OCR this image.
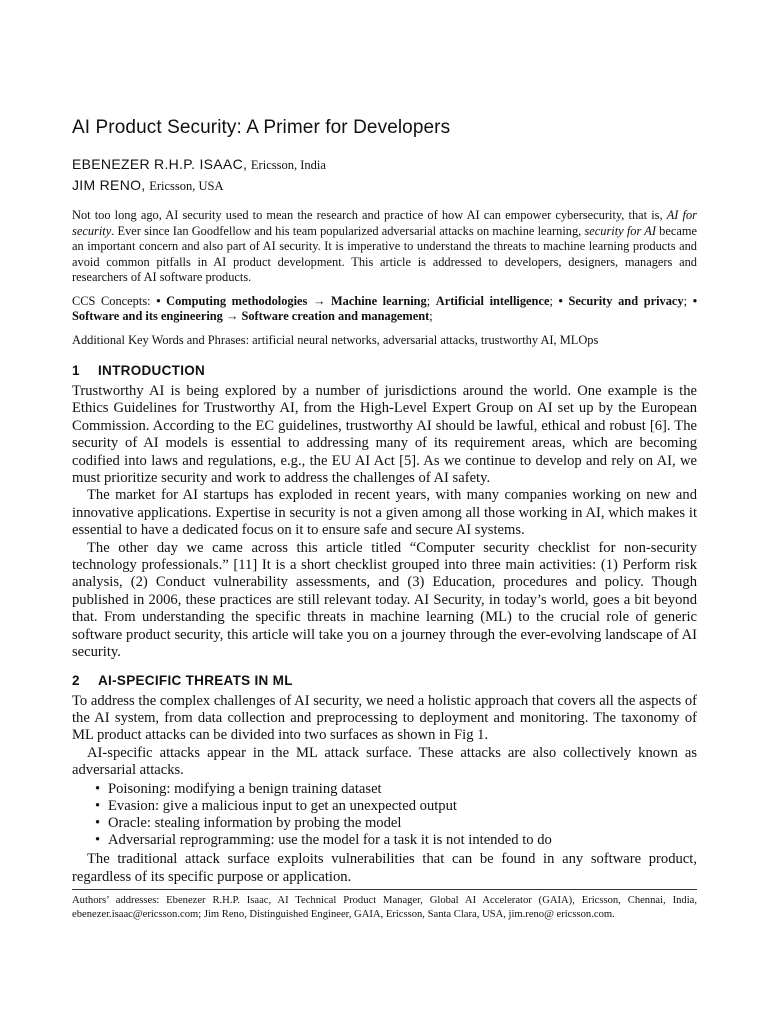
AI Product Security: A Primer for Developers

EBENEZER R.H.P. ISAAC, Ericsson, India

JIM RENO, Ericsson, USA

Not too long ago, AI security used to mean the research and practice of how AI can empower cybersecurity, that is, AI for security. Ever since Ian Goodfellow and his team popularized adversarial attacks on machine learning, security for AI became an important concern and also part of AI security. It is imperative to understand the threats to machine learning products and avoid common pitfalls in AI product development. This article is addressed to developers, designers, managers and researchers of AI software products.

CCS Concepts: • Computing methodologies → Machine learning; Artificial intelligence; • Security and privacy; • Software and its engineering → Software creation and management;

Additional Key Words and Phrases: artificial neural networks, adversarial attacks, trustworthy AI, MLOps

1 INTRODUCTION

Trustworthy AI is being explored by a number of jurisdictions around the world. One example is the Ethics Guidelines for Trustworthy AI, from the High-Level Expert Group on AI set up by the European Commission. According to the EC guidelines, trustworthy AI should be lawful, ethical and robust [6]. The security of AI models is essential to addressing many of its requirement areas, which are becoming codified into laws and regulations, e.g., the EU AI Act [5]. As we continue to develop and rely on AI, we must prioritize security and work to address the challenges of AI safety.

The market for AI startups has exploded in recent years, with many companies working on new and innovative applications. Expertise in security is not a given among all those working in AI, which makes it essential to have a dedicated focus on it to ensure safe and secure AI systems.

The other day we came across this article titled “Computer security checklist for non-security technology professionals.” [11] It is a short checklist grouped into three main activities: (1) Perform risk analysis, (2) Conduct vulnerability assessments, and (3) Education, procedures and policy. Though published in 2006, these practices are still relevant today. AI Security, in today’s world, goes a bit beyond that. From understanding the specific threats in machine learning (ML) to the crucial role of generic software product security, this article will take you on a journey through the ever-evolving landscape of AI security.

2 AI-SPECIFIC THREATS IN ML

To address the complex challenges of AI security, we need a holistic approach that covers all the aspects of the AI system, from data collection and preprocessing to deployment and monitoring. The taxonomy of ML product attacks can be divided into two surfaces as shown in Fig 1.

AI-specific attacks appear in the ML attack surface. These attacks are also collectively known as adversarial attacks.

• Poisoning: modifying a benign training dataset
• Evasion: give a malicious input to get an unexpected output
• Oracle: stealing information by probing the model
• Adversarial reprogramming: use the model for a task it is not intended to do

The traditional attack surface exploits vulnerabilities that can be found in any software product, regardless of its specific purpose or application.

Authors’ addresses: Ebenezer R.H.P. Isaac, AI Technical Product Manager, Global AI Accelerator (GAIA), Ericsson, Chennai, India, ebenezer.isaac@ericsson.com; Jim Reno, Distinguished Engineer, GAIA, Ericsson, Santa Clara, USA, jim.reno@ ericsson.com.
